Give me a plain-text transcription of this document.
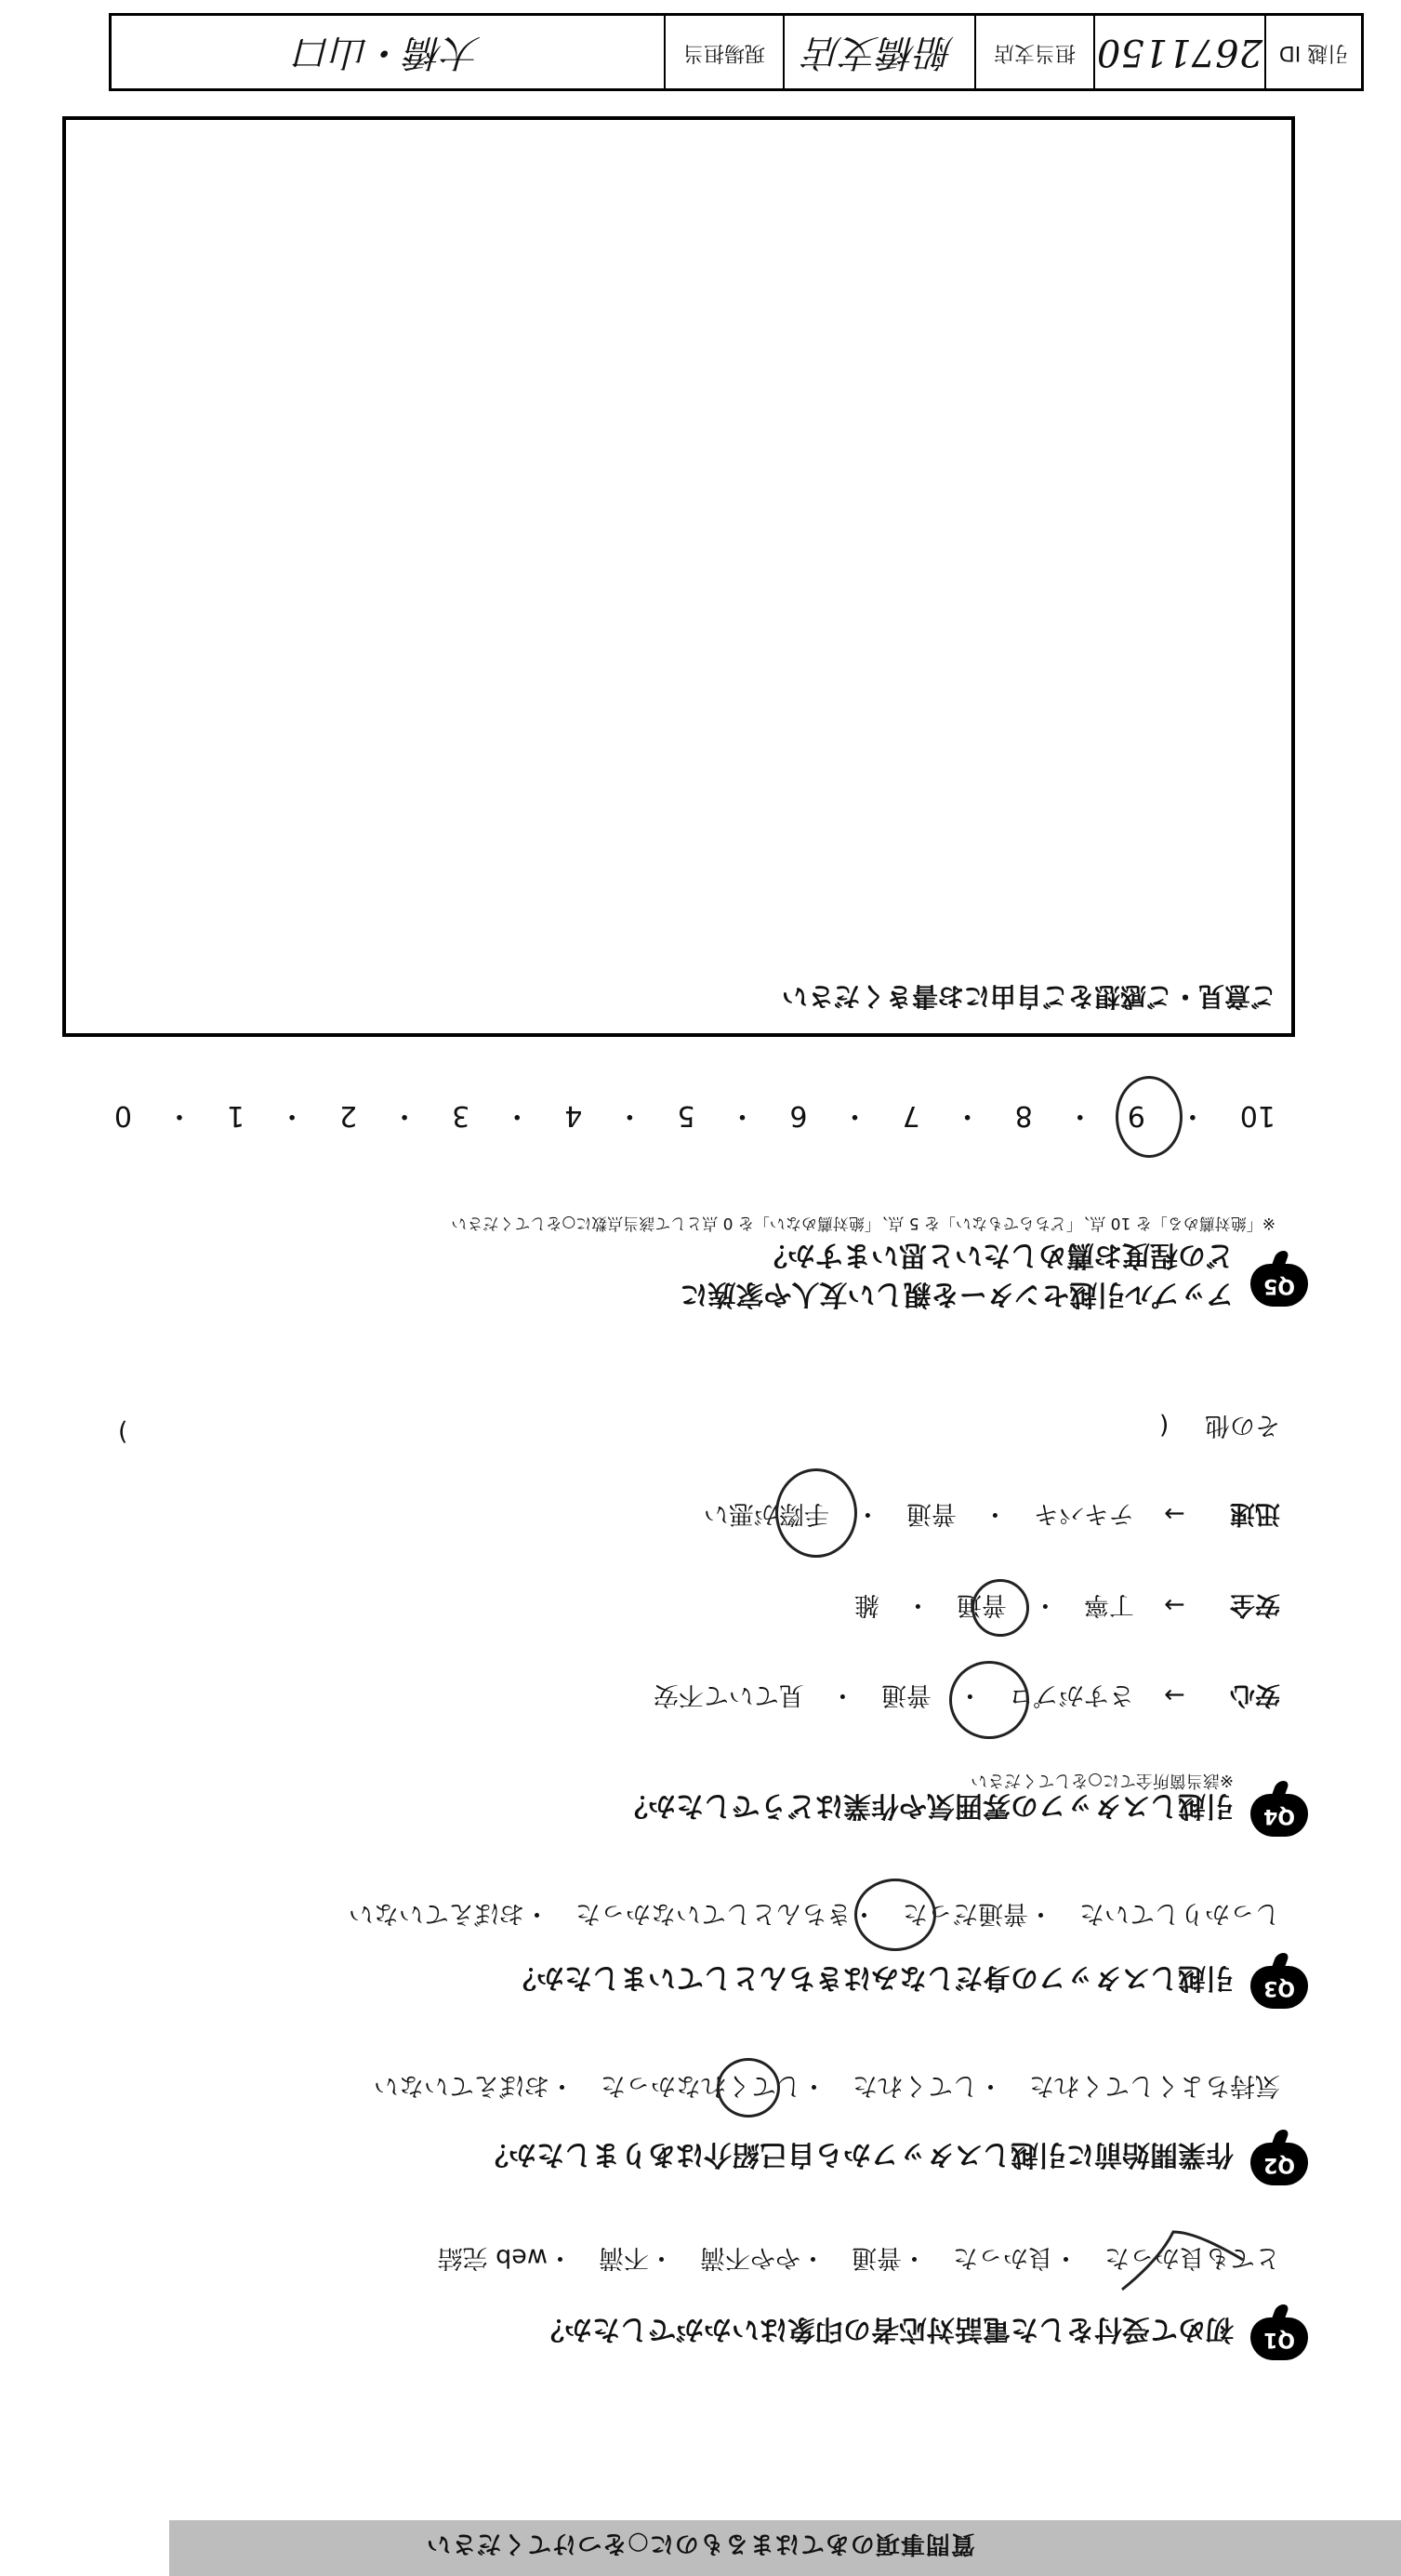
質問事項のあてはまるものに○をつけてください
Q1
初めて受付をした電話対応者の印象はいかがでしたか？
とても良かった・良かった・普通・やや不満・不満・web 完結
Q2
作業開始前に引越しスタッフから自己紹介はありましたか？
気持ちよくしてくれた・してくれた・してくれなかった・おぼえていない
Q3
引越しスタッフの身だしなみはきちんとしていましたか？
しっかりしていた・普通だった・きちんとしていなかった・おぼえていない
Q4
引越しスタッフの雰囲気や作業はどうでしたか？
※該当箇所全てに○をしてください
安心 → さすがプロ・普通・見ていて不安
安全 → 丁寧・普通・雑
迅速 → テキパキ・普通・手際が悪い
その他 (
)
Q5
アップル引越センターを親しい友人や家族に
どの程度お薦めしたいと思いますか？
※「絶対薦める」を 10 点、「どちらでもない」を 5 点、「絶対薦めない」を 0 点として該当点数に○をしてください
10・9・8・7・6・5・4・3・2・1・0
ご意見・ご感想をご自由にお書きください
引越 ID
2671150
担当支店
船橋支店
現場担当
大橋・山口
